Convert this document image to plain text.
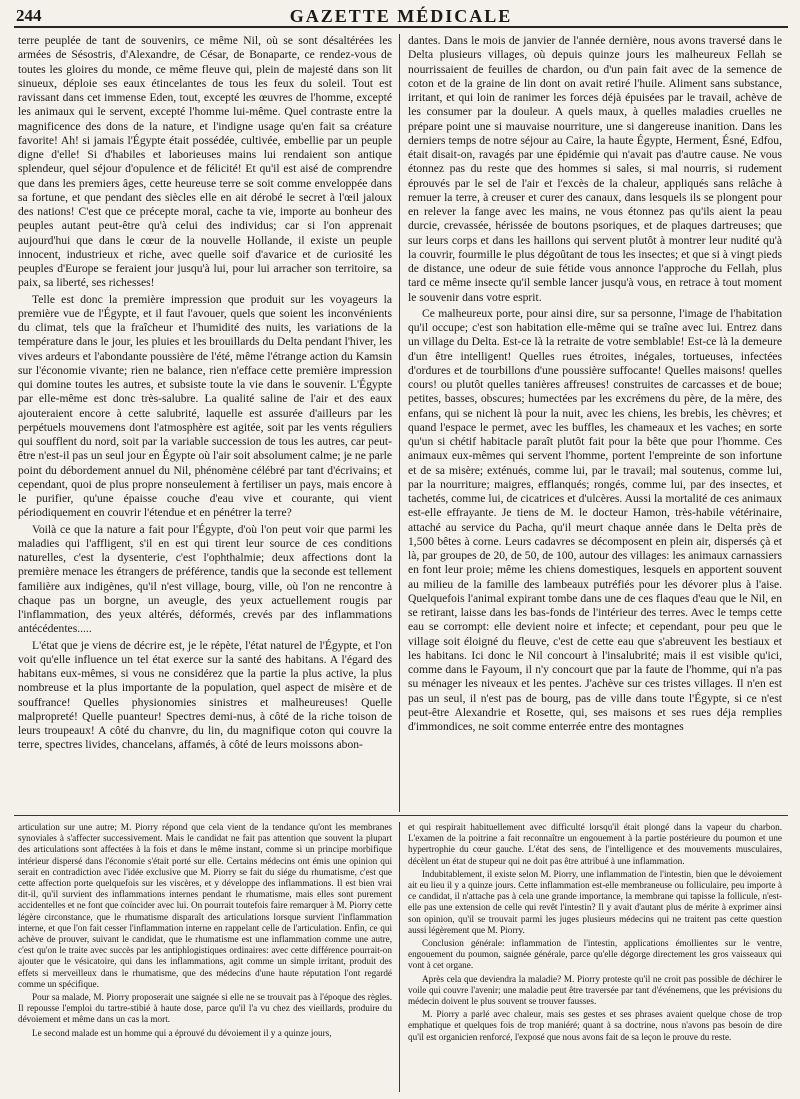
244	GAZETTE MÉDICALE

terre peuplée de tant de souvenirs, ce même Nil, où se sont désaltérées les armées de Sésostris, d'Alexandre, de César, de Bonaparte, ce rendez-vous de toutes les gloires du monde, ce même fleuve qui, plein de majesté dans son lit sinueux, déploie ses eaux étincelantes de tous les feux du soleil. Tout est ravissant dans cet immense Eden, tout, excepté les œuvres de l'homme, excepté les animaux qui le servent, excepté l'homme lui-même. Quel contraste entre la magnificence des dons de la nature, et l'indigne usage qu'en fait sa créature favorite! Ah! si jamais l'Égypte était possédée, cultivée, embellie par un peuple digne d'elle! Si d'habiles et laborieuses mains lui rendaient son antique splendeur, quel séjour d'opulence et de félicité! Et qu'il est aisé de comprendre que dans les premiers âges, cette heureuse terre se soit comme enveloppée dans sa fortune, et que pendant des siècles elle en ait dérobé le secret à l'œil jaloux des nations! C'est que ce précepte moral, cache ta vie, importe au bonheur des peuples autant peut-être qu'à celui des individus; car si l'on apprenait aujourd'hui que dans le cœur de la nouvelle Hollande, il existe un peuple innocent, industrieux et riche, avec quelle soif d'avarice et de curiosité les peuples d'Europe se feraient jour jusqu'à lui, pour lui arracher son territoire, sa paix, sa liberté, ses richesses!

Telle est donc la première impression que produit sur les voyageurs la première vue de l'Égypte, et il faut l'avouer, quels que soient les inconvénients du climat, tels que la fraîcheur et l'humidité des nuits, les variations de la température dans le jour, les pluies et les brouillards du Delta pendant l'hiver, les vives ardeurs et l'abondante poussière de l'été, même l'étrange action du Kamsin sur l'économie vivante; rien ne balance, rien n'efface cette première impression qui domine toutes les autres, et subsiste toute la vie dans le souvenir. L'Égypte par elle-même est donc très-salubre. La qualité saline de l'air et des eaux ajouteraient encore à cette salubrité, laquelle est assurée d'ailleurs par les perpétuels mouvemens dont l'atmosphère est agitée, soit par les vents réguliers qui soufflent du nord, soit par la variable succession de tous les autres, car peut-être n'est-il pas un seul jour en Égypte où l'air soit absolument calme; je ne parle point du débordement annuel du Nil, phénomène célébré par tant d'écrivains; et cependant, quoi de plus propre nonseulement à fertiliser un pays, mais encore à le purifier, qu'une épaisse couche d'eau vive et courante, qui vient périodiquement en couvrir l'étendue et en pénétrer la terre?

Voilà ce que la nature a fait pour l'Égypte, d'où l'on peut voir que parmi les maladies qui l'affligent, s'il en est qui tirent leur source de ces conditions naturelles, c'est la dysenterie, c'est l'ophthalmie; deux affections dont la première menace les étrangers de préférence, tandis que la seconde est tellement familière aux indigènes, qu'il n'est village, bourg, ville, où l'on ne rencontre à chaque pas un borgne, un aveugle, des yeux actuellement rougis par l'inflammation, des yeux altérés, déformés, crevés par des inflammations antécédentes.....

L'état que je viens de décrire est, je le répète, l'état naturel de l'Égypte, et l'on voit qu'elle influence un tel état exerce sur la santé des habitans. A l'égard des habitans eux-mêmes, si vous ne considérez que la partie la plus active, la plus nombreuse et la plus importante de la population, quel aspect de misère et de souffrance! Quelles physionomies sinistres et malheureuses! Quelle malpropreté! Quelle puanteur! Spectres demi-nus, à côté de la riche toison de leurs troupeaux! A côté du chanvre, du lin, du magnifique coton qui couvre la terre, spectres livides, chancelans, affamés, à côté de leurs moissons abon-

dantes. Dans le mois de janvier de l'année dernière, nous avons traversé dans le Delta plusieurs villages, où depuis quinze jours les malheureux Fellah se nourrissaient de feuilles de chardon, ou d'un pain fait avec de la semence de coton et de la graine de lin dont on avait retiré l'huile. Aliment sans substance, irritant, et qui loin de ranimer les forces déjà épuisées par le travail, achève de les consumer par la douleur. A quels maux, à quelles maladies cruelles ne prépare point une si mauvaise nourriture, une si dangereuse inanition. Dans les derniers temps de notre séjour au Caire, la haute Égypte, Herment, Ésné, Edfou, était disait-on, ravagés par une épidémie qui n'avait pas d'autre cause. Ne vous étonnez pas du reste que des hommes si sales, si mal nourris, si rudement éprouvés par le sel de l'air et l'excès de la chaleur, appliqués sans relâche à remuer la terre, à creuser et curer des canaux, dans lesquels ils se plongent pour en relever la fange avec les mains, ne vous étonnez pas qu'ils aient la peau durcie, crevassée, hérissée de boutons psoriques, et de plaques dartreuses; que sur leurs corps et dans les haillons qui servent plutôt à montrer leur nudité qu'à la couvrir, fourmille le plus dégoûtant de tous les insectes; et que si à vingt pieds de distance, une odeur de suie fétide vous annonce l'approche du Fellah, plus tard ce même insecte qu'il semble lancer jusqu'à vous, en retrace à tout moment le souvenir dans votre esprit.

Ce malheureux porte, pour ainsi dire, sur sa personne, l'image de l'habitation qu'il occupe; c'est son habitation elle-même qui se traîne avec lui. Entrez dans un village du Delta. Est-ce là la retraite de votre semblable! Est-ce là la demeure d'un être intelligent! Quelles rues étroites, inégales, tortueuses, infectées d'ordures et de tourbillons d'une poussière suffocante! Quelles maisons! quelles cours! ou plutôt quelles tanières affreuses! construites de carcasses et de boue; petites, basses, obscures; humectées par les excrémens du père, de la mère, des enfans, qui se nichent là pour la nuit, avec les chiens, les brebis, les chèvres; et quand l'espace le permet, avec les buffles, les chameaux et les vaches; en sorte qu'un si chétif habitacle paraît plutôt fait pour la bête que pour l'homme. Ces animaux eux-mêmes qui servent l'homme, portent l'empreinte de son infortune et de sa misère; exténués, comme lui, par le travail; mal soutenus, comme lui, par la nourriture; maigres, efflanqués; rongés, comme lui, par des insectes, et tachetés, comme lui, de cicatrices et d'ulcères. Aussi la mortalité de ces animaux est-elle effrayante. Je tiens de M. le docteur Hamon, très-habile vétérinaire, attaché au service du Pacha, qu'il meurt chaque année dans le Delta près de 1,500 bêtes à corne. Leurs cadavres se décomposent en plein air, dispersés çà et là, par groupes de 20, de 50, de 100, autour des villages: les animaux carnassiers en font leur proie; même les chiens domestiques, lesquels en apportent souvent au milieu de la famille des lambeaux putréfiés pour les dévorer plus à l'aise. Quelquefois l'animal expirant tombe dans une de ces flaques d'eau que le Nil, en se retirant, laisse dans les bas-fonds de l'intérieur des terres. Avec le temps cette eau se corrompt: elle devient noire et infecte; et cependant, pour peu que le village soit éloigné du fleuve, c'est de cette eau que s'abreuvent les bestiaux et les habitans. Ici donc le Nil concourt à l'insalubrité; mais il est visible qu'ici, comme dans le Fayoum, il n'y concourt que par la faute de l'homme, qui n'a pas su ménager les niveaux et les pentes. J'achève sur ces tristes villages. Il n'en est pas un seul, il n'est pas de bourg, pas de ville dans toute l'Égypte, si ce n'est peut-être Alexandrie et Rosette, qui, ses maisons et ses rues déja remplies d'immondices, ne soit comme enterrée entre des montagnes

articulation sur une autre; M. Piorry répond que cela vient de la tendance qu'ont les membranes synoviales à s'affecter successivement. Mais le candidat ne fait pas attention que souvent la plupart des articulations sont affectées à la fois et dans le même instant, comme si un principe morbifique intérieur dispersé dans l'économie s'était porté sur elle. Certains médecins ont émis une opinion qui serait en contradiction avec l'idée exclusive que M. Piorry se fait du siége du rhumatisme, c'est que cette affection porte quelquefois sur les viscères, et y développe des inflammations. Il est bien vrai dit-il, qu'il survient des inflammations internes pendant le rhumatisme, mais elles sont purement accidentelles et ne font que coïncider avec lui. On pourrait toutefois faire remarquer à M. Piorry cette légère circonstance, que le rhumatisme disparaît des articulations lorsque survient l'inflammation interne, et que l'on fait cesser l'inflammation interne en rappelant celle de l'articulation. Enfin, ce qui achève de prouver, suivant le candidat, que le rhumatisme est une inflammation comme une autre, c'est qu'on le traite avec succès par les antiphlogistiques ordinaires: avec cette différence pourrait-on ajouter que le vésicatoire, qui dans les inflammations, agit comme un simple irritant, produit des effets si merveilleux dans le rhumatisme, que des médecins d'une haute réputation l'ont regardé comme un spécifique.

Pour sa malade, M. Piorry proposerait une saignée si elle ne se trouvait pas à l'époque des règles. Il repousse l'emploi du tartre-stibié à haute dose, parce qu'il l'a vu chez des vieillards, produire du dévoiement et même dans un cas la mort.

Le second malade est un homme qui a éprouvé du dévoiement il y a quinze jours,

et qui respirait habituellement avec difficulté lorsqu'il était plongé dans la vapeur du charbon. L'examen de la poitrine a fait reconnaître un engouement à la partie postérieure du poumon et une hypertrophie du cœur gauche. L'état des sens, de l'intelligence et des mouvements musculaires, décèlent un état de stupeur qui ne doit pas être attribué à une inflammation.

Indubitablement, il existe selon M. Piorry, une inflammation de l'intestin, bien que le dévoiement ait eu lieu il y a quinze jours. Cette inflammation est-elle membraneuse ou folliculaire, peu importe à ce candidat, il n'attache pas à cela une grande importance, la membrane qui tapisse la follicule, n'est-elle pas une extension de celle qui revêt l'intestin? Il y avait d'autant plus de mérite à exprimer ainsi son opinion, qu'il se trouvait parmi les juges plusieurs médecins qui ne traitent pas cette question aussi légèrement que M. Piorry.

Conclusion générale: inflammation de l'intestin, applications émollientes sur le ventre, engouement du poumon, saignée générale, parce qu'elle dégorge directement les gros vaisseaux qui vont à cet organe.

Après cela que deviendra la maladie? M. Piorry proteste qu'il ne croit pas possible de déchirer le voile qui couvre l'avenir; une maladie peut être traversée par tant d'événemens, que les prévisions du médecin doivent le plus souvent se trouver fausses.

M. Piorry a parlé avec chaleur, mais ses gestes et ses phrases avaient quelque chose de trop emphatique et quelques fois de trop maniéré; quant à sa doctrine, nous n'avons pas besoin de dire qu'il est organicien renforcé, l'exposé que nous avons fait de sa leçon le prouve du reste.
